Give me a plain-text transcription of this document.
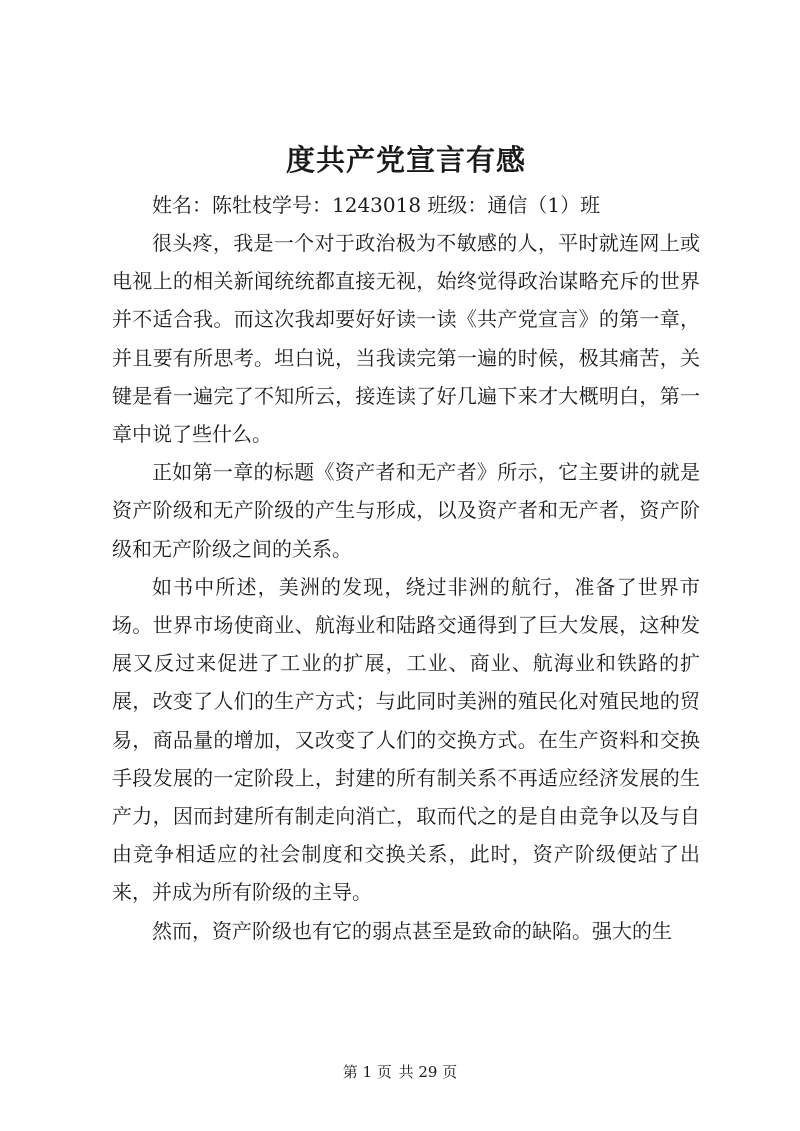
度共产党宣言有感

姓名：陈牡枝学号：1243018 班级：通信（1）班

很头疼，我是一个对于政治极为不敏感的人，平时就连网上或电视上的相关新闻统统都直接无视，始终觉得政治谋略充斥的世界并不适合我。而这次我却要好好读一读《共产党宣言》的第一章，并且要有所思考。坦白说，当我读完第一遍的时候，极其痛苦，关键是看一遍完了不知所云，接连读了好几遍下来才大概明白，第一章中说了些什么。

正如第一章的标题《资产者和无产者》所示，它主要讲的就是资产阶级和无产阶级的产生与形成，以及资产者和无产者，资产阶级和无产阶级之间的关系。

如书中所述，美洲的发现，绕过非洲的航行，准备了世界市场。世界市场使商业、航海业和陆路交通得到了巨大发展，这种发展又反过来促进了工业的扩展，工业、商业、航海业和铁路的扩展，改变了人们的生产方式；与此同时美洲的殖民化对殖民地的贸易，商品量的增加，又改变了人们的交换方式。在生产资料和交换手段发展的一定阶段上，封建的所有制关系不再适应经济发展的生产力，因而封建所有制走向消亡，取而代之的是自由竞争以及与自由竞争相适应的社会制度和交换关系，此时，资产阶级便站了出来，并成为所有阶级的主导。

然而，资产阶级也有它的弱点甚至是致命的缺陷。强大的生

第 1 页 共 29 页
